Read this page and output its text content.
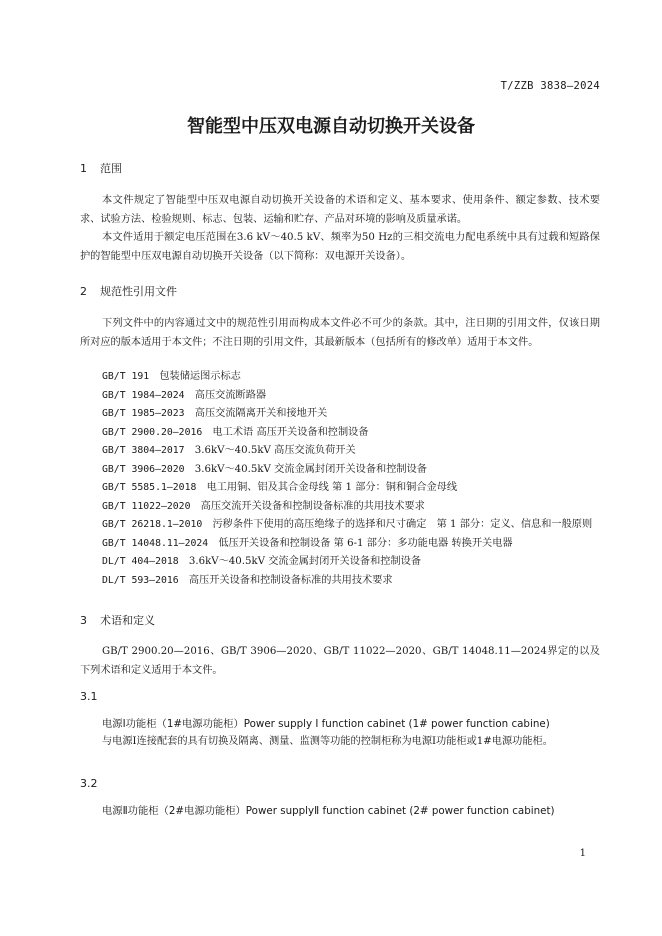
T/ZZB 3838—2024
智能型中压双电源自动切换开关设备
1 范围
本文件规定了智能型中压双电源自动切换开关设备的术语和定义、基本要求、使用条件、额定参数、技术要求、试验方法、检验规则、标志、包装、运输和贮存、产品对环境的影响及质量承诺。
本文件适用于额定电压范围在3.6 kV～40.5 kV、频率为50 Hz的三相交流电力配电系统中具有过载和短路保护的智能型中压双电源自动切换开关设备（以下简称：双电源开关设备）。
2 规范性引用文件
下列文件中的内容通过文中的规范性引用而构成本文件必不可少的条款。其中，注日期的引用文件，仅该日期所对应的版本适用于本文件；不注日期的引用文件，其最新版本（包括所有的修改单）适用于本文件。
GB/T 191　 包装储运图示标志
GB/T 1984—2024　 高压交流断路器
GB/T 1985—2023　 高压交流隔离开关和接地开关
GB/T 2900.20—2016　 电工术语 高压开关设备和控制设备
GB/T 3804—2017　 3.6kV～40.5kV 高压交流负荷开关
GB/T 3906—2020　 3.6kV～40.5kV 交流金属封闭开关设备和控制设备
GB/T 5585.1—2018　 电工用铜、铝及其合金母线 第 1 部分：铜和铜合金母线
GB/T 11022—2020　 高压交流开关设备和控制设备标准的共用技术要求
GB/T 26218.1—2010　 污秽条件下使用的高压绝缘子的选择和尺寸确定　第 1 部分：定义、信息和一般原则
GB/T 14048.11—2024　 低压开关设备和控制设备 第 6-1 部分：多功能电器 转换开关电器
DL/T 404—2018　 3.6kV～40.5kV 交流金属封闭开关设备和控制设备
DL/T 593—2016　 高压开关设备和控制设备标准的共用技术要求
3 术语和定义
GB/T 2900.20—2016、GB/T 3906—2020、GB/T 11022—2020、GB/T 14048.11—2024界定的以及下列术语和定义适用于本文件。
3.1
电源Ⅰ功能柜（1#电源功能柜）Power supply Ⅰ function cabinet (1# power function cabine)
与电源Ⅰ连接配套的具有切换及隔离、测量、监测等功能的控制柜称为电源Ⅰ功能柜或1#电源功能柜。
3.2
电源Ⅱ功能柜（2#电源功能柜）Power supplyⅡ function cabinet (2# power function cabinet)
1
